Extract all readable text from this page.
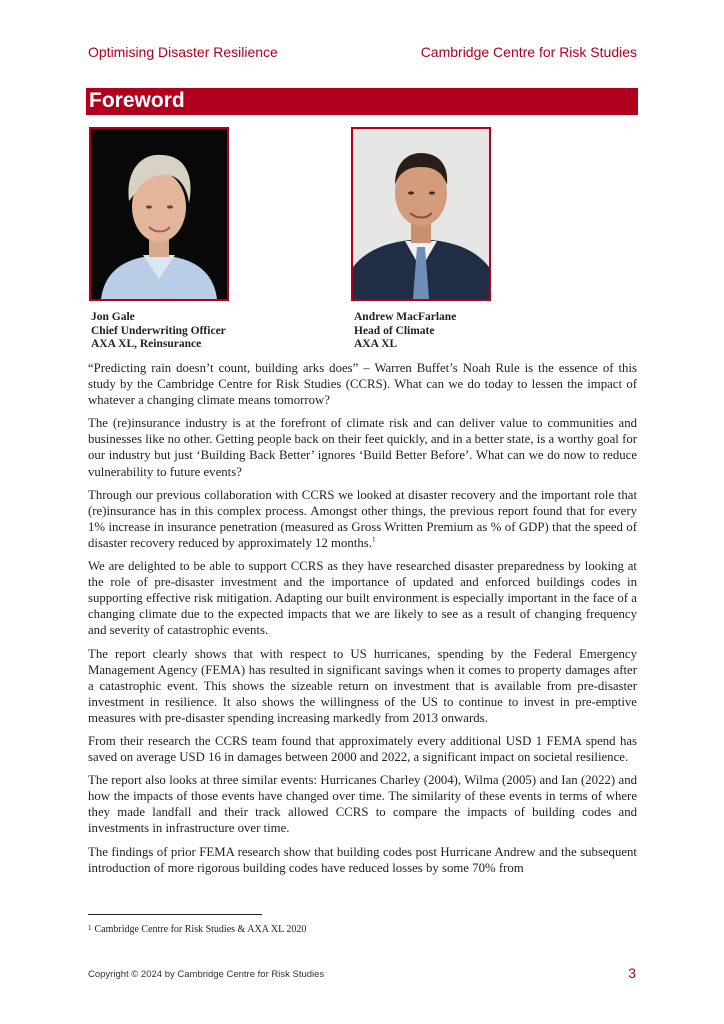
Optimising Disaster Resilience	Cambridge Centre for Risk Studies
Foreword
Jon Gale
Chief Underwriting Officer
AXA XL, Reinsurance
Andrew MacFarlane
Head of Climate
AXA XL

“Predicting rain doesn’t count, building arks does” – Warren Buffet’s Noah Rule is the essence of this study by the Cambridge Centre for Risk Studies (CCRS). What can we do today to lessen the impact of whatever a changing climate means tomorrow?

The (re)insurance industry is at the forefront of climate risk and can deliver value to communities and businesses like no other. Getting people back on their feet quickly, and in a better state, is a worthy goal for our industry but just ‘Building Back Better’ ignores ‘Build Better Before’. What can we do now to reduce vulnerability to future events?

Through our previous collaboration with CCRS we looked at disaster recovery and the important role that (re)insurance has in this complex process. Amongst other things, the previous report found that for every 1% increase in insurance penetration (measured as Gross Written Premium as % of GDP) that the speed of disaster recovery reduced by approximately 12 months.$^1$

We are delighted to be able to support CCRS as they have researched disaster preparedness by looking at the role of pre-disaster investment and the importance of updated and enforced buildings codes in supporting effective risk mitigation. Adapting our built environment is especially important in the face of a changing climate due to the expected impacts that we are likely to see as a result of changing frequency and severity of catastrophic events.

The report clearly shows that with respect to US hurricanes, spending by the Federal Emergency Management Agency (FEMA) has resulted in significant savings when it comes to property damages after a catastrophic event. This shows the sizeable return on investment that is available from pre-disaster investment in resilience. It also shows the willingness of the US to continue to invest in pre-emptive measures with pre-disaster spending increasing markedly from 2013 onwards.

From their research the CCRS team found that approximately every additional USD 1 FEMA spend has saved on average USD 16 in damages between 2000 and 2022, a significant impact on societal resilience.

The report also looks at three similar events: Hurricanes Charley (2004), Wilma (2005) and Ian (2022) and how the impacts of those events have changed over time. The similarity of these events in terms of where they made landfall and their track allowed CCRS to compare the impacts of building codes and investments in infrastructure over time.

The findings of prior FEMA research show that building codes post Hurricane Andrew and the subsequent introduction of more rigorous building codes have reduced losses by some 70% from

$^1$ Cambridge Centre for Risk Studies & AXA XL 2020
Copyright © 2024 by Cambridge Centre for Risk Studies	3
